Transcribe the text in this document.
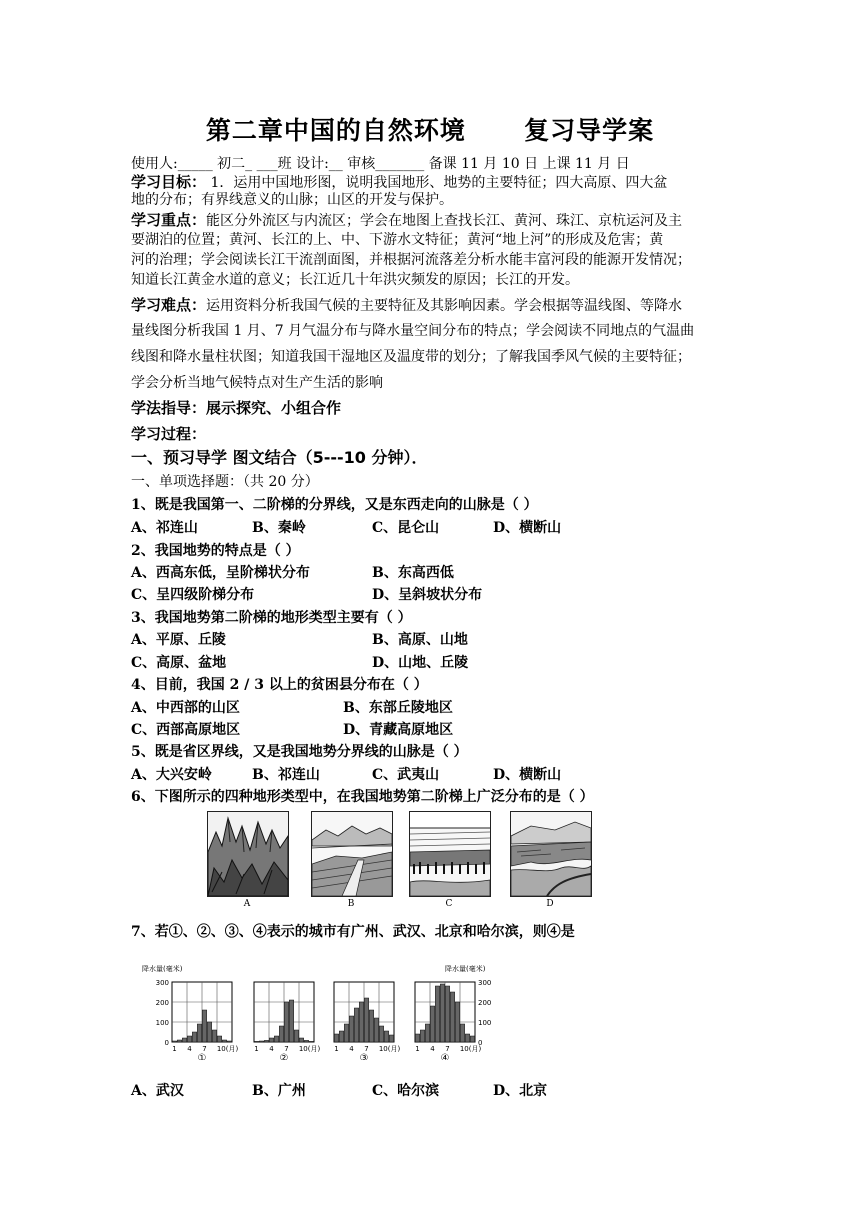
第二章中国的自然环境      复习导学案
使用人:_____ 初二_ ___班 设计:__ 审核_______ 备课 11 月 10 日 上课 11 月 日
学习目标： 1．运用中国地形图，说明我国地形、地势的主要特征；四大高原、四大盆
地的分布；有界线意义的山脉；山区的开发与保护。
学习重点：能区分外流区与内流区；学会在地图上查找长江、黄河、珠江、京杭运河及主
要湖泊的位置；黄河、长江的上、中、下游水文特征；黄河“地上河”的形成及危害；黄
河的治理；学会阅读长江干流剖面图，并根据河流落差分析水能丰富河段的能源开发情况；
知道长江黄金水道的意义；长江近几十年洪灾频发的原因；长江的开发。
学习难点：运用资料分析我国气候的主要特征及其影响因素。学会根据等温线图、等降水
量线图分析我国 1 月、7 月气温分布与降水量空间分布的特点；学会阅读不同地点的气温曲
线图和降水量柱状图；知道我国干湿地区及温度带的划分；了解我国季风气候的主要特征；
学会分析当地气候特点对生产生活的影响
学法指导：展示探究、小组合作
学习过程：
一、预习导学 图文结合（5---10 分钟）．
一、单项选择题：（共 20 分）
1、既是我国第一、二阶梯的分界线，又是东西走向的山脉是（ ）
A、祁连山	B、秦岭	C、昆仑山	D、横断山
2、我国地势的特点是（ ）
A、西高东低，呈阶梯状分布	B、东高西低
C、呈四级阶梯分布	D、呈斜坡状分布
3、我国地势第二阶梯的地形类型主要有（ ）
A、平原、丘陵	B、高原、山地
C、高原、盆地	D、山地、丘陵
4、目前，我国 2 / 3 以上的贫困县分布在（ ）
A、中西部的山区	B、东部丘陵地区
C、西部高原地区	D、青藏高原地区
5、既是省区界线，又是我国地势分界线的山脉是（ ）
A、大兴安岭	B、祁连山	C、武夷山	D、横断山
6、下图所示的四种地形类型中，在我国地势第二阶梯上广泛分布的是（ ）
A	B	C	D
7、若①、②、③、④表示的城市有广州、武汉、北京和哈尔滨，则④是
降水量(毫米)	降水量(毫米)
1 4 7 10(月)
①
1 4 7 10(月)
②
1 4 7 10(月)
③
1 4 7 10(月)
④
300	300
200	200
100	100
0	0
A、武汉	B、广州	C、哈尔滨	D、北京
